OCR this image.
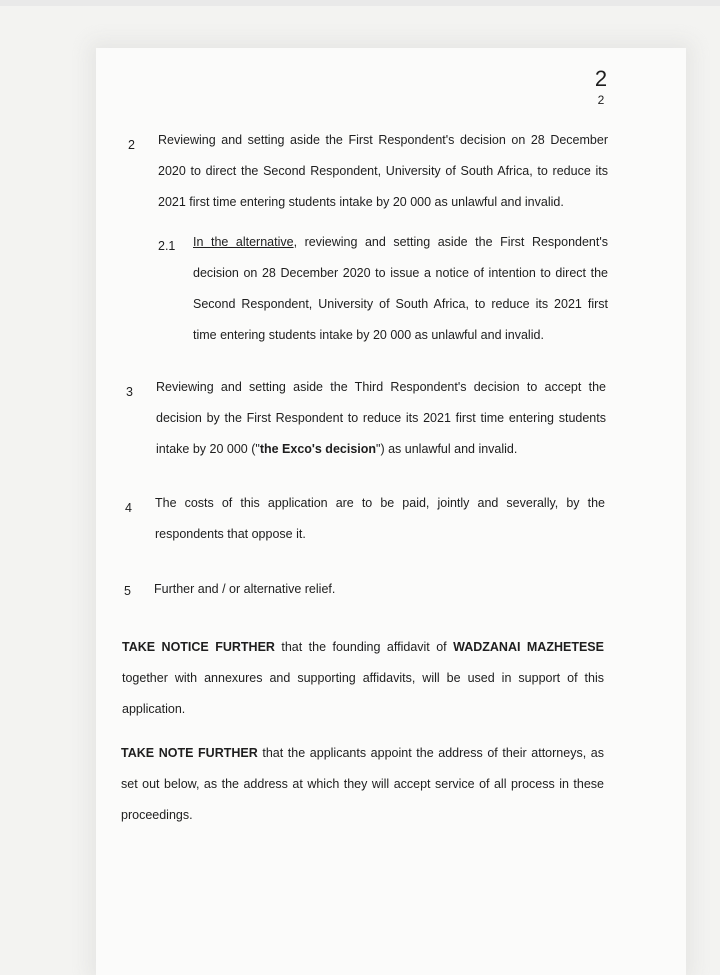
2
2
2 Reviewing and setting aside the First Respondent's decision on 28 December
2020 to direct the Second Respondent, University of South Africa, to reduce its
2021 first time entering students intake by 20 000 as unlawful and invalid.
2.1 In the alternative, reviewing and setting aside the First Respondent's
decision on 28 December 2020 to issue a notice of intention to direct the
Second Respondent, University of South Africa, to reduce its 2021 first
time entering students intake by 20 000 as unlawful and invalid.
3 Reviewing and setting aside the Third Respondent's decision to accept the
decision by the First Respondent to reduce its 2021 first time entering students
intake by 20 000 ("the Exco's decision") as unlawful and invalid.
4 The costs of this application are to be paid, jointly and severally, by the
respondents that oppose it.
5 Further and / or alternative relief.
TAKE NOTICE FURTHER that the founding affidavit of WADZANAI MAZHETESE
together with annexures and supporting affidavits, will be used in support of this
application.
TAKE NOTE FURTHER that the applicants appoint the address of their attorneys, as
set out below, as the address at which they will accept service of all process in these
proceedings.
